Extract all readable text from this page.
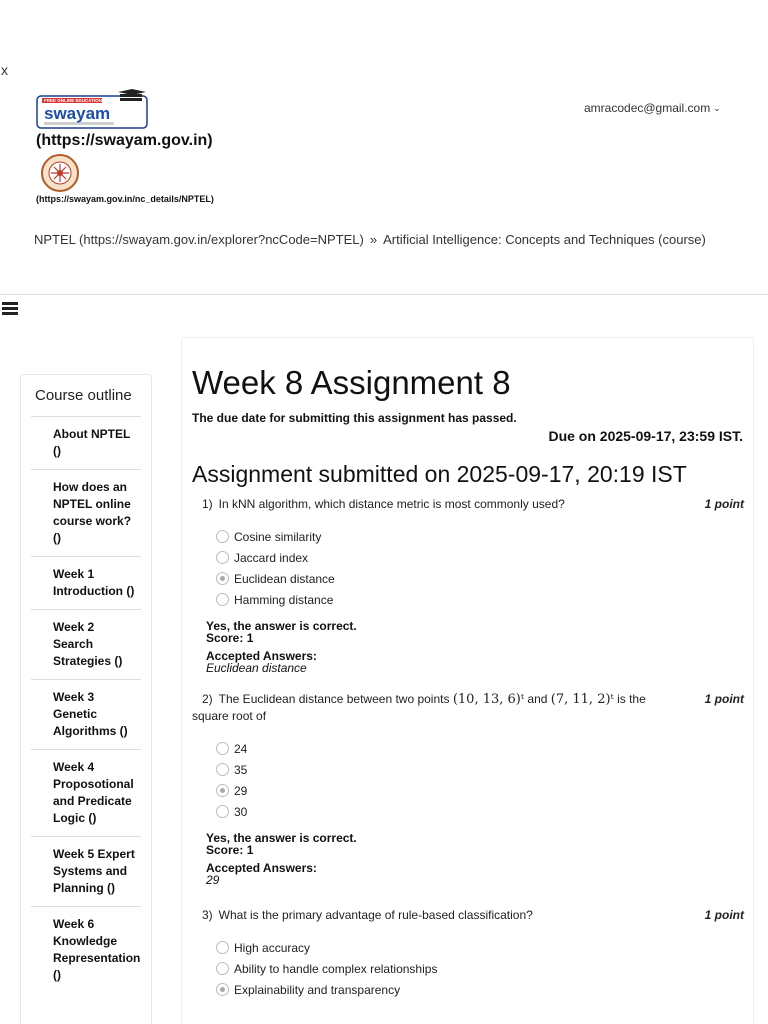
x
FREE ONLINE EDUCATION
swayam
(https://swayam.gov.in)
(https://swayam.gov.in/nc_details/NPTEL)
amracodec@gmail.com ⌄
NPTEL (https://swayam.gov.in/explorer?ncCode=NPTEL) » Artificial Intelligence: Concepts and Techniques (course)
Course outline
About NPTEL ()
How does an NPTEL online course work? ()
Week 1 Introduction ()
Week 2 Search Strategies ()
Week 3 Genetic Algorithms ()
Week 4 Proposotional and Predicate Logic ()
Week 5 Expert Systems and Planning ()
Week 6 Knowledge Representation ()
Week 8 Assignment 8
The due date for submitting this assignment has passed.
Due on 2025-09-17, 23:59 IST.
Assignment submitted on 2025-09-17, 20:19 IST
1) In kNN algorithm, which distance metric is most commonly used?	1 point
Cosine similarity
Jaccard index
Euclidean distance
Hamming distance
Yes, the answer is correct.
Score: 1
Accepted Answers:
Euclidean distance
2) The Euclidean distance between two points (10, 13, 6)ᵗ and (7, 11, 2)ᵗ is the square root of
1 point
24
35
29
30
Yes, the answer is correct.
Score: 1
Accepted Answers:
29
3) What is the primary advantage of rule-based classification?	1 point
High accuracy
Ability to handle complex relationships
Explainability and transparency
